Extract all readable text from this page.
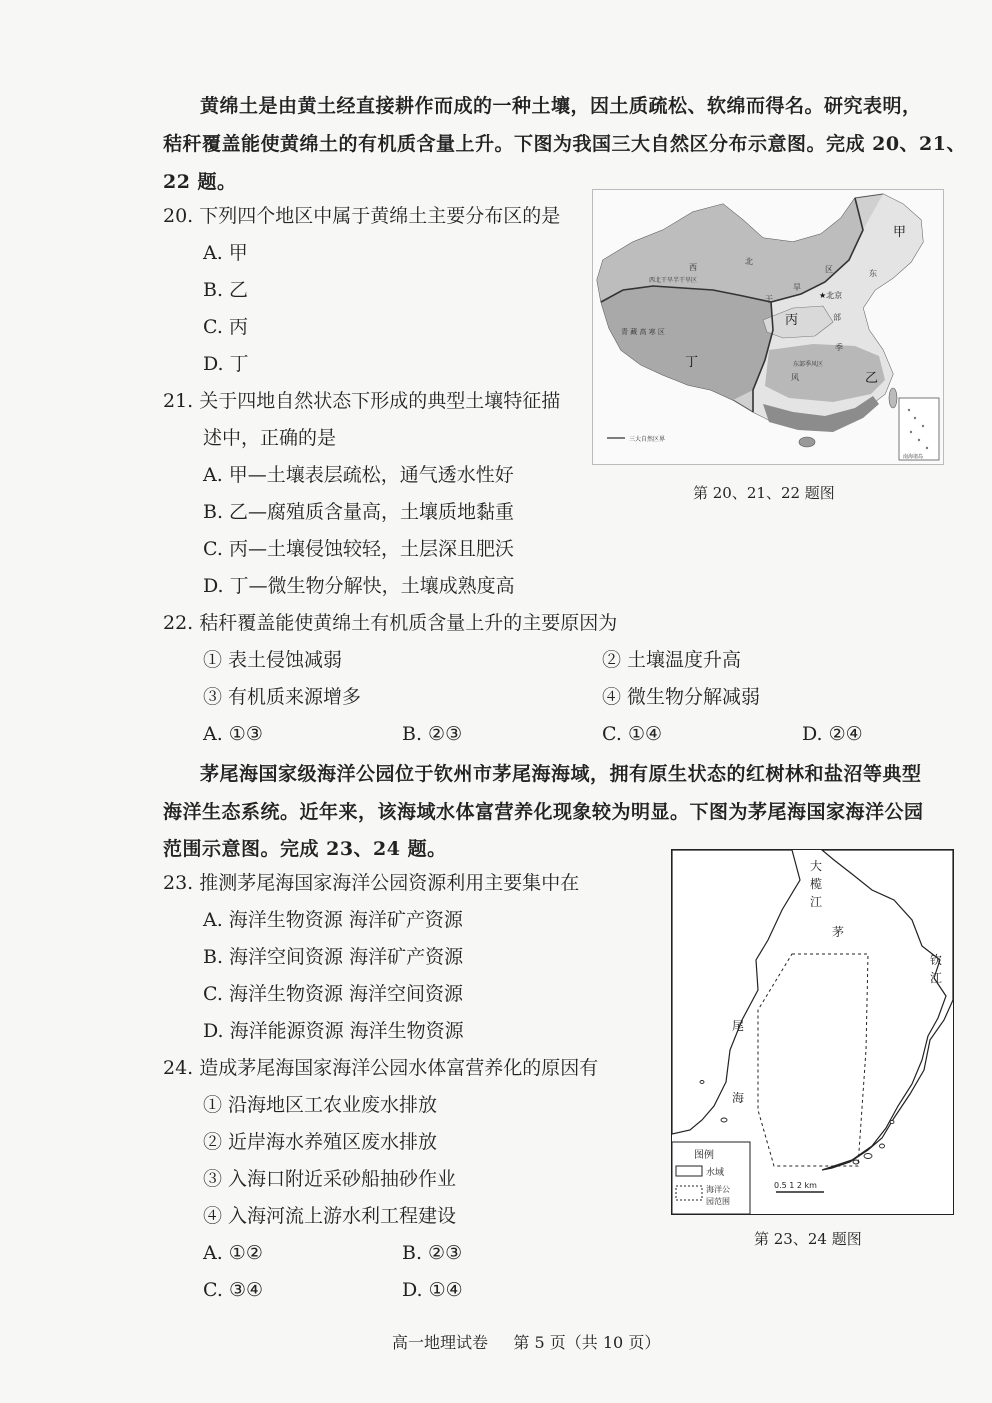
黄绵土是由黄土经直接耕作而成的一种土壤，因土质疏松、软绵而得名。研究表明，
秸秆覆盖能使黄绵土的有机质含量上升。下图为我国三大自然区分布示意图。完成 20、21、
22 题。
20. 下列四个地区中属于黄绵土主要分布区的是
A. 甲
B. 乙
C. 丙
D. 丁
21. 关于四地自然状态下形成的典型土壤特征描
述中，正确的是
A. 甲—土壤表层疏松，通气透水性好
B. 乙—腐殖质含量高，土壤质地黏重
C. 丙—土壤侵蚀较轻，土层深且肥沃
D. 丁—微生物分解快，土壤成熟度高
22. 秸秆覆盖能使黄绵土有机质含量上升的主要原因为
① 表土侵蚀减弱	② 土壤温度升高
③ 有机质来源增多	④ 微生物分解减弱
A. ①③	B. ②③	C. ①④	D. ②④
茅尾海国家级海洋公园位于钦州市茅尾海海域，拥有原生状态的红树林和盐沼等典型
海洋生态系统。近年来，该海域水体富营养化现象较为明显。下图为茅尾海国家海洋公园
范围示意图。完成 23、24 题。
23. 推测茅尾海国家海洋公园资源利用主要集中在
A. 海洋生物资源 海洋矿产资源
B. 海洋空间资源 海洋矿产资源
C. 海洋生物资源 海洋空间资源
D. 海洋能源资源 海洋生物资源
24. 造成茅尾海国家海洋公园水体富营养化的原因有
① 沿海地区工农业废水排放
② 近岸海水养殖区废水排放
③ 入海口附近采砂船抽砂作业
④ 入海河流上游水利工程建设
A. ①②	B. ②③
C. ③④	D. ①④
甲
乙
丙
丁
★北京
西
北
旱
区	东
干
部
季
风
西北干旱半干旱区
青 藏 高 寒 区
东部季风区
三大自然区界
南海诸岛
第 20、21、22 题图
大
榄
江
茅
尾
海
钦
江
图例
水域
海洋公
园范围
0.5 1 2 km
第 23、24 题图
高一地理试卷     第 5 页（共 10 页）
